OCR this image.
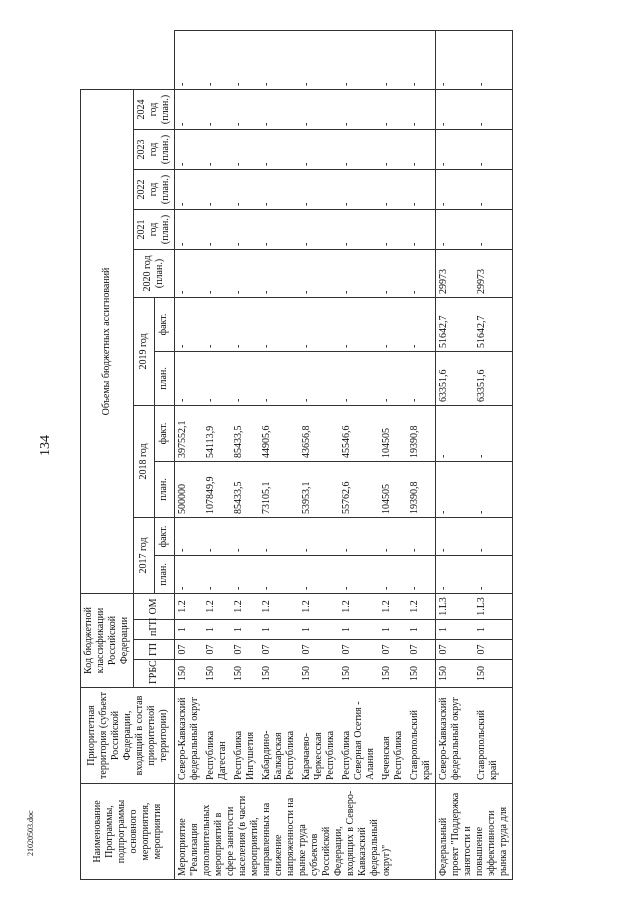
134
21020503.doc	Наименование Программы, подпрограммы основного мероприятия, мероприятия	Приоритетная территория (субъект Российской Федерации, входящий в состав приоритетной территории)	Код бюджетной классификации Российской Федерации				Объемы бюджетных ассигнований											
		ГРБС	ГП	пГП	ОМ	2017 год		2018 год		2019 год		2020 год (план.)	2021 год (план.)	2022 год (план.)	2023 год (план.)	2024 год (план.)	
						план.	факт.	план.	факт.	план.	факт.						
Мероприятие "Реализация дополнительных мероприятий в сфере занятости населения (в части мероприятий, направленных на снижение напряженности на рынке труда субъектов Российской Федерации, входящих в Северо-Кавказский федеральный округ)"	Северо-Кавказский федеральный округ	150	07	1	1.2	-	-	500000	397552,1	-	-	-	-	-	-	-	-
	Республика Дагестан	150	07	1	1.2	-	-	107849,9	54113,9	-	-	-	-	-	-	-	-
	Республика Ингушетия	150	07	1	1.2	-	-	85433,5	85433,5	-	-	-	-	-	-	-	-
	Кабардино-Балкарская Республика	150	07	1	1.2	-	-	73105,1	44905,6	-	-	-	-	-	-	-	-
	Карачаево-Черкесская Республика	150	07	1	1.2	-	-	53953,1	43656,8	-	-	-	-	-	-	-	-
	Республика Северная Осетия - Алания	150	07	1	1.2	-	-	55762,6	45546,6	-	-	-	-	-	-	-	-
	Чеченская Республика	150	07	1	1.2	-	-	104505	104505	-	-	-	-	-	-	-	-
	Ставропольский край	150	07	1	1.2	-	-	19390,8	19390,8	-	-	-	-	-	-	-	-
Федеральный проект "Поддержка занятости и повышение эффективности рынка труда для	Северо-Кавказский федеральный округ	150	07	1	1.L3	-	-	-	-	63351,6	51642,7	29973	-	-	-	-	-
	Ставропольский край	150	07	1	1.L3	-	-	-	-	63351,6	51642,7	29973	-	-	-	-	-
